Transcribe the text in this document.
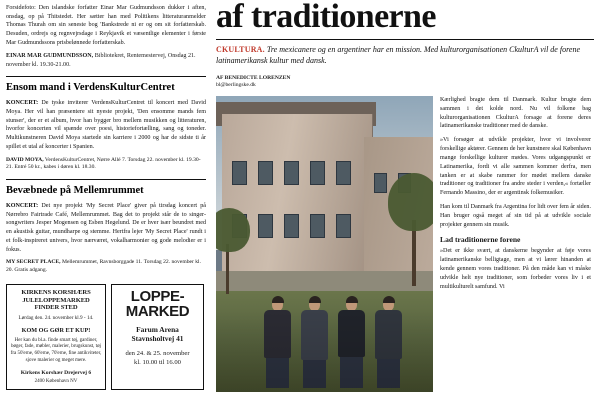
Forsidefoto: Den islandske forfatter Einar Mar Gudmundsson dukker i aften, onsdag, op på Thitstedet. Her sætter han med Politikens litteraturanmelder Thomas Thurah om sin seneste bog 'Bankstrede ni er og om sit forfatterskab. Desuden, ordrejs og regnvejrsdage i Reykjavik et væsentlige elementer i første Mar Gudmundssons prisbelønnede forfatterskab.
EINAR MAR GUDMUNDSSON, Bibliotekret, Rentemestervej, Onsdag 21. november kl. 19.30-21.00.
Ensom mand i VerdensKulturCentret
KONCERT: De tyske inviterer VerdensKulturCentret til koncert med David Moya. Her vil han præsentere sit nyeste projekt, 'Den ensomme mands fem stunser', der er et album, hvor han bygger bro mellem musikken og litteraturen, hvorfor koncerten vil spænde over poesi, historiefortælling, sang og toneder. Multikunstneren David Moya startede sin karriere i 2000 og har de sidste ti år spillet et utal af koncerter i Spanien.
DAVID MOYA, VerdensKulturCentret, Nørre Allé 7. Torsdag 22. november kl. 19.30-21. Entré 50 kr., kabes i døren kl. 18.30.
Bevæbnede på Mellemrummet
KONCERT: Det nye projekt 'My Secret Place' giver på tirsdag koncert på Nørrebro Fairtrade Café, Mellemrummet. Bag det to projekt står de to singer-songwriters Jesper Mogensen og Esben Hegelund. De er hver især beundret med en akustisk guitar, mundharpe og stemme. Hertfra lejer 'My Secret Place' rundt i et folk-inspireret univers, hvor nærværet, vokalharmonier og gode melodier er i fokus.
MY SECRET PLACE, Mellemrummet, Ravnsborggade 11. Torsdag 22. november kl. 20. Gratis adgang.
KIRKENS KORSHÆRS JULELOPPEMARKED FINDER STED
Lørdag den. 24. november kl.9 - 14.
KOM OG GØR ET KUP!
Her kan du bl.a. finde smart tøj, gardiner, bøger, fade, møbler, malerier, brugskunst, tøj fra 50'erne, 60'erne, 70'erne, fine antikviteter, sjove malerier og meget mere.
Kirkens Korshær Drejervej 6
2400 København NV
LOPPE-
MARKED
Farum Arena
Stavnsholtvej 41
den 24. & 25. november
kl. 10.00 til 16.00
af traditionerne
CKULTURA. Tre mexicanere og en argentiner har en mission. Med kulturorganisationen CkulturA vil de forene latinamerikansk kultur med dansk.
AF BENEDICTE LORENZEN
bl@berlingske.dk

Kærlighed bragte dem til Danmark. Kultur brugte dem sammen i det kolde nord. Nu vil folkene bag kulturorganisationen CkulturA forsage at forene deres latinamerikanske traditioner med de danske.

»Vi forsøger at udvikle projekter, hvor vi involverer forskellige aktører. Gennem de her kunstnere skal København mange forskellige kulturer mødes. Vores udgangspunkt er Latinamerika, fordi vi alle sammen kommer derfra, men tanken er at skabe rammer for mødet mellem danske traditioner og traditioner fra andre steder i verden,« fortæller Fernando Massino, der er argentinsk folkemusiker.

Han kom til Danmark fra Argentina for lidt over fem år siden. Han bruger også meget af sin tid på at udvikle sociale projekter gennem sin musik.

Lad traditionerne forene

»Det er ikke svært, at danskerne begynder at føje vores latinamerikanske belligtage, men at vi lærer hinanden at kende gennem vores traditioner. På den måde kan vi måske udvikle helt nye traditioner, som forbeder vores liv i et multikulturelt samfund. Vi
